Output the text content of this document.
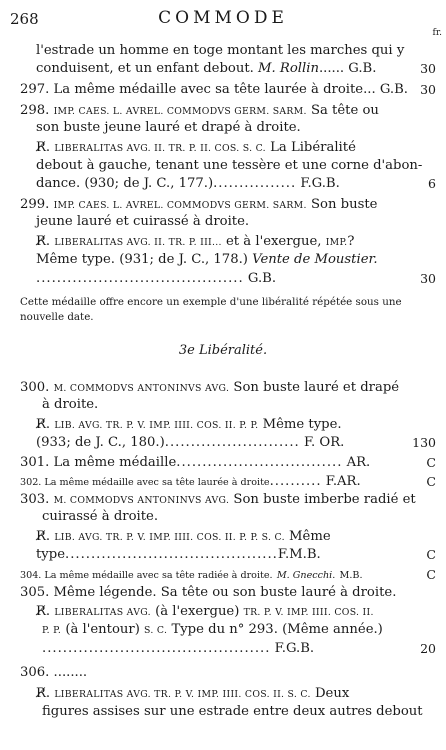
268	COMMODE
fr.
l'estrade un homme en toge montant les marches qui y
conduisent, et un enfant debout. M. Rollin...... G.B.	30
297. La même médaille avec sa tête laurée à droite... G.B. 30
298. IMP. CAES. L. AVREL. COMMODVS GERM. SARM. Sa tête ou
son buste jeune lauré et drapé à droite.
R̸. LIBERALITAS AVG. II. TR. P. II. COS. S. C. La Libéralité
debout à gauche, tenant une tessère et une corne d'abon-
dance. (930; de J. C., 177.)................ F.G.B.	6
299. IMP. CAES. L. AVREL. COMMODVS GERM. SARM. Son buste
jeune lauré et cuirassé à droite.
R̸. LIBERALITAS AVG. II. TR. P. III... et à l'exergue, IMP.?
Même type. (931; de J. C., 178.) Vente de Moustier.
........................................ G.B.	30
Cette médaille offre encore un exemple d'une libéralité répétée sous une
nouvelle date.
3e Libéralité.
300. M. COMMODVS ANTONINVS AVG. Son buste lauré et drapé
à droite.
R̸. LIB. AVG. TR. P. V. IMP. IIII. COS. II. P. P. Même type.
(933; de J. C., 180.).......................... F. OR.	130
301. La même médaille................................ AR.	C
302. La même médaille avec sa tête laurée à droite.......... F.AR.	C
303. M. COMMODVS ANTONINVS AVG. Son buste imberbe radié et
cuirassé à droite.
R̸. LIB. AVG. TR. P. V. IMP. IIII. COS. II. P. P. S. C. Même
type.........................................F.M.B.	C
304. La même médaille avec sa tête radiée à droite. M. Gnecchi. M.B.	C
305. Même légende. Sa tête ou son buste lauré à droite.
R̸. LIBERALITAS AVG. (à l'exergue) TR. P. V. IMP. IIII. COS. II.
P. P. (à l'entour) S. C. Type du n° 293. (Même année.)
............................................ F.G.B.	20
306. ........
R̸. LIBERALITAS AVG. TR. P. V. IMP. IIII. COS. II. S. C. Deux
figures assises sur une estrade entre deux autres debout
